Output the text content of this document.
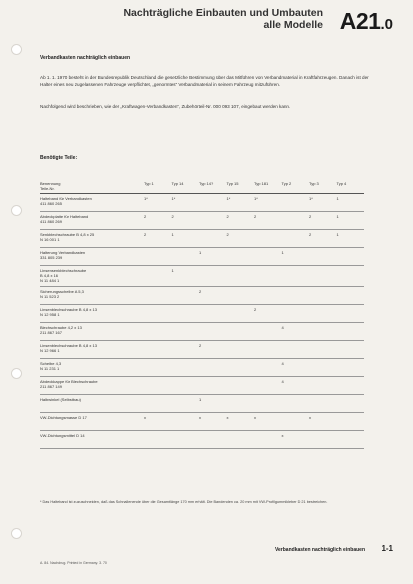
Nachträgliche Einbauten und Umbauten
alle Modelle A21.0
Verbandkasten nachträglich einbauen
Ab 1. 1. 1970 besteht in der Bundesrepublik Deutschland die gesetzliche Bestimmung über das Mitführen von Verbandmaterial in Kraftfahrzeugen. Danach ist der Halter eines neu zugelassenen Fahrzeuge verpflichtet, „genormtes“ Verbandmaterial in seinem Fahrzeug mitzuführen.
Nachfolgend wird beschrieben, wie der „Kraftwagen-Verbandkasten“, Zubehörteil-Nr. 000 093 107, eingebaut werden kann.
Benötigte Teile:
Benennung
Teile-Nr.	Typ 1	Typ 14	Typ 14?	Typ 15	Typ 181	Typ 2	Typ 3	Typ 4
Halteband für Verbandkasten
411 860 265	1*	1*		1*	1*		1*	1
Abdeckplatte für Halteband
411 860 269	2	2		2	2		2	1
Senkblechschraube B 4,8 x 25
N 16 001 1	2	1		2			2	1
Halterung Verbandkasten
331 805 239			1			1		
Linsensenkblechschraube
B 4,8 x 16
N 11 484 1		1						
Sicherungsscheibe A 5,3
N 11 523 2			2					
Linsenblechschraube B 4,8 x 13
N 12 958 1					2			
Blechschraube 4,2 x 13
211 867 167						4		
Linsenblechschraube B 4,8 x 13
N 12 966 1			2					
Scheibe 4,3
N 11 231 1						4		
Abdeckkappe für Blechschraube
211 867 149						4		
Halbwinkel (Selbstbau)			1					
VW-Dichtungsmasse D 17	x		x	x	x		x	
VW-Dichtungsmittel D 14						x		
* Das Halteband ist zuzuschneiden, daß das Schnallenende über die Gesamtlänge 170 mm erhält. Die Bandenden ca. 20 mm mit VW-Profilgummikleber D 21 bestreichen.
Verbandkasten nachträglich einbauen 1-1
A. 84. Nachdrug. Printed in Germany. 3. 70
